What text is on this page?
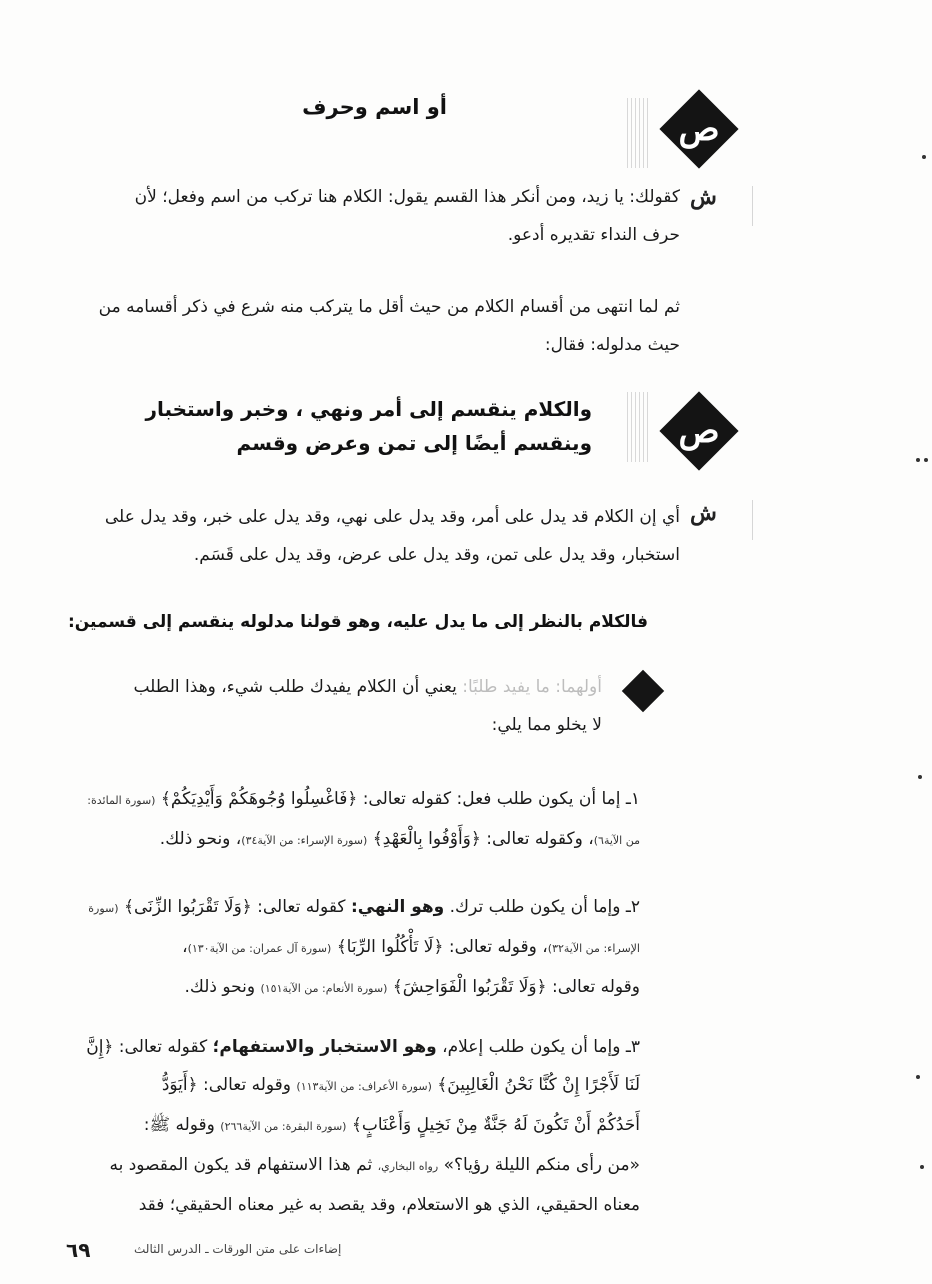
ص
أو اسم وحرف
ش
كقولك: يا زيد، ومن أنكر هذا القسم يقول: الكلام هنا تركب من اسم وفعل؛ لأن
حرف النداء تقديره أدعو.
ثم لما انتهى من أقسام الكلام من حيث أقل ما يتركب منه شرع في ذكر أقسامه من
حيث مدلوله: فقال:
ص
والكلام ينقسم إلى أمر ونهي ، وخبر واستخبار
وينقسم أيضًا إلى تمن وعرض وقسم
ش
أي إن الكلام قد يدل على أمر، وقد يدل على نهي، وقد يدل على خبر، وقد يدل على
استخبار، وقد يدل على تمن، وقد يدل على عرض، وقد يدل على قَسَم.
فالكلام بالنظر إلى ما يدل عليه، وهو قولنا مدلوله ينقسم إلى قسمين:
أولهما: ما يفيد طلبًا: يعني أن الكلام يفيدك طلب شيء، وهذا الطلب
لا يخلو مما يلي:
١ـ إما أن يكون طلب فعل: كقوله تعالى: ﴿فَاغْسِلُوا وُجُوهَكُمْ وَأَيْدِيَكُمْ﴾ (سورة المائدة:
من الآية٦)، وكقوله تعالى: ﴿وَأَوْفُوا بِالْعَهْدِ﴾ (سورة الإسراء: من الآية٣٤)، ونحو ذلك.
٢ـ وإما أن يكون طلب ترك. وهو النهي: كقوله تعالى: ﴿وَلَا تَقْرَبُوا الزِّنَى﴾ (سورة
الإسراء: من الآية٣٢)، وقوله تعالى: ﴿لَا تَأْكُلُوا الرِّبَا﴾ (سورة آل عمران: من الآية١٣٠)،
وقوله تعالى: ﴿وَلَا تَقْرَبُوا الْفَوَاحِشَ﴾ (سورة الأنعام: من الآية١٥١) ونحو ذلك.
٣ـ وإما أن يكون طلب إعلام، وهو الاستخبار والاستفهام؛ كقوله تعالى: ﴿إِنَّ
لَنَا لَأَجْرًا إِنْ كُنَّا نَحْنُ الْغَالِبِينَ﴾ (سورة الأعراف: من الآية١١٣) وقوله تعالى: ﴿أَيَوَدُّ
أَحَدُكُمْ أَنْ تَكُونَ لَهُ جَنَّةٌ مِنْ نَخِيلٍ وَأَعْنَابٍ﴾ (سورة البقرة: من الآية٢٦٦) وقوله ﷺ:
«من رأى منكم الليلة رؤيا؟» رواه البخاري، ثم هذا الاستفهام قد يكون المقصود به
معناه الحقيقي، الذي هو الاستعلام، وقد يقصد به غير معناه الحقيقي؛ فقد
٦٩	إضاءات على متن الورقات ـ الدرس الثالث
